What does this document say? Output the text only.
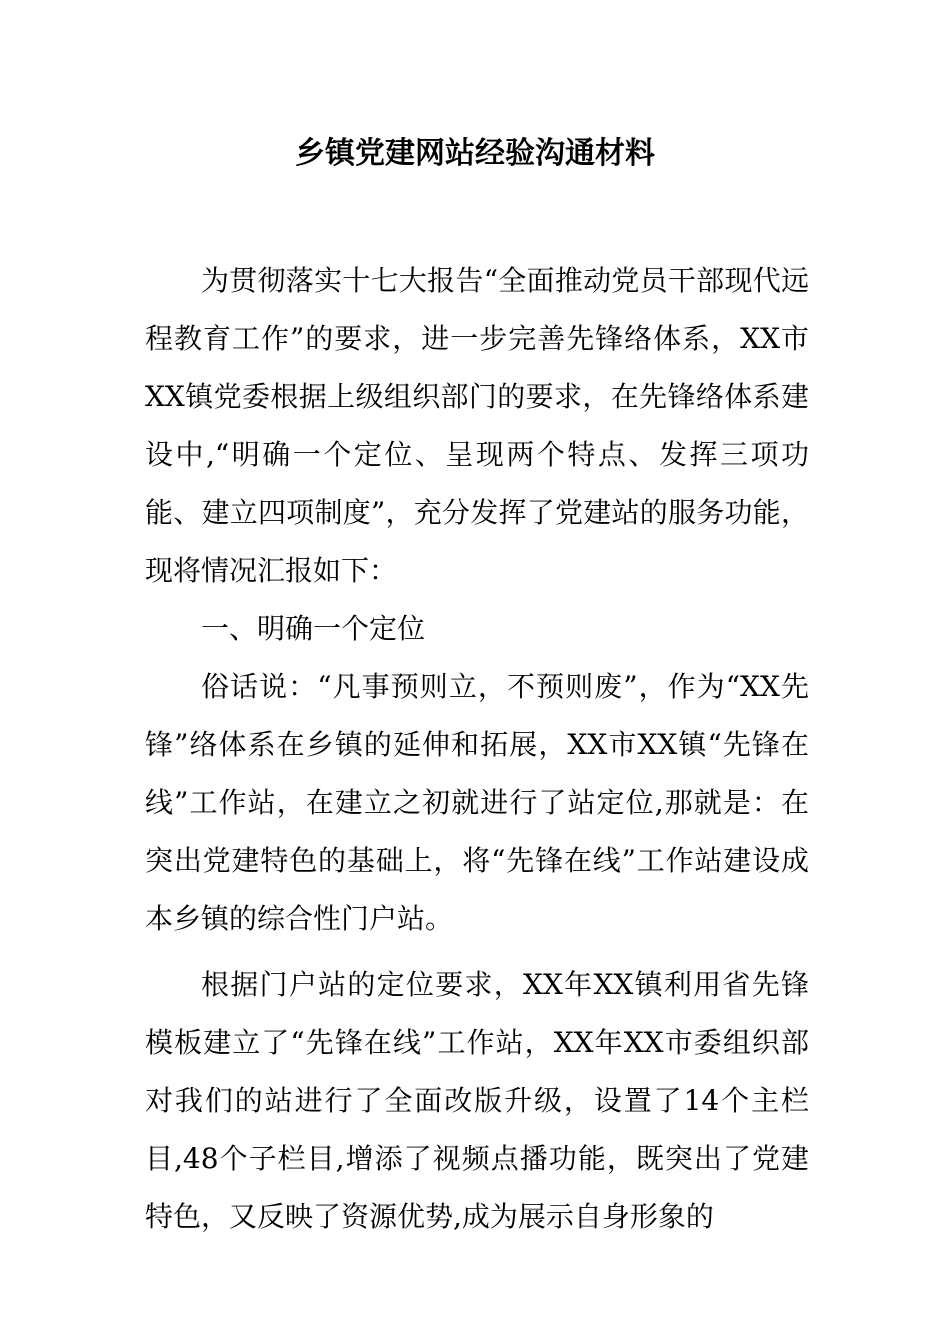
乡镇党建网站经验沟通材料

为贯彻落实十七大报告“全面推动党员干部现代远程教育工作”的要求，进一步完善先锋络体系，XX市XX镇党委根据上级组织部门的要求，在先锋络体系建设中,“明确一个定位、呈现两个特点、发挥三项功能、建立四项制度”，充分发挥了党建站的服务功能，现将情况汇报如下：

一、明确一个定位

俗话说：“凡事预则立，不预则废”，作为“XX先锋”络体系在乡镇的延伸和拓展，XX市XX镇“先锋在线”工作站，在建立之初就进行了站定位,那就是：在突出党建特色的基础上，将“先锋在线”工作站建设成本乡镇的综合性门户站。

根据门户站的定位要求，XX年XX镇利用省先锋模板建立了“先锋在线”工作站，XX年XX市委组织部对我们的站进行了全面改版升级，设置了14个主栏目,48个子栏目,增添了视频点播功能，既突出了党建特色，又反映了资源优势,成为展示自身形象的
